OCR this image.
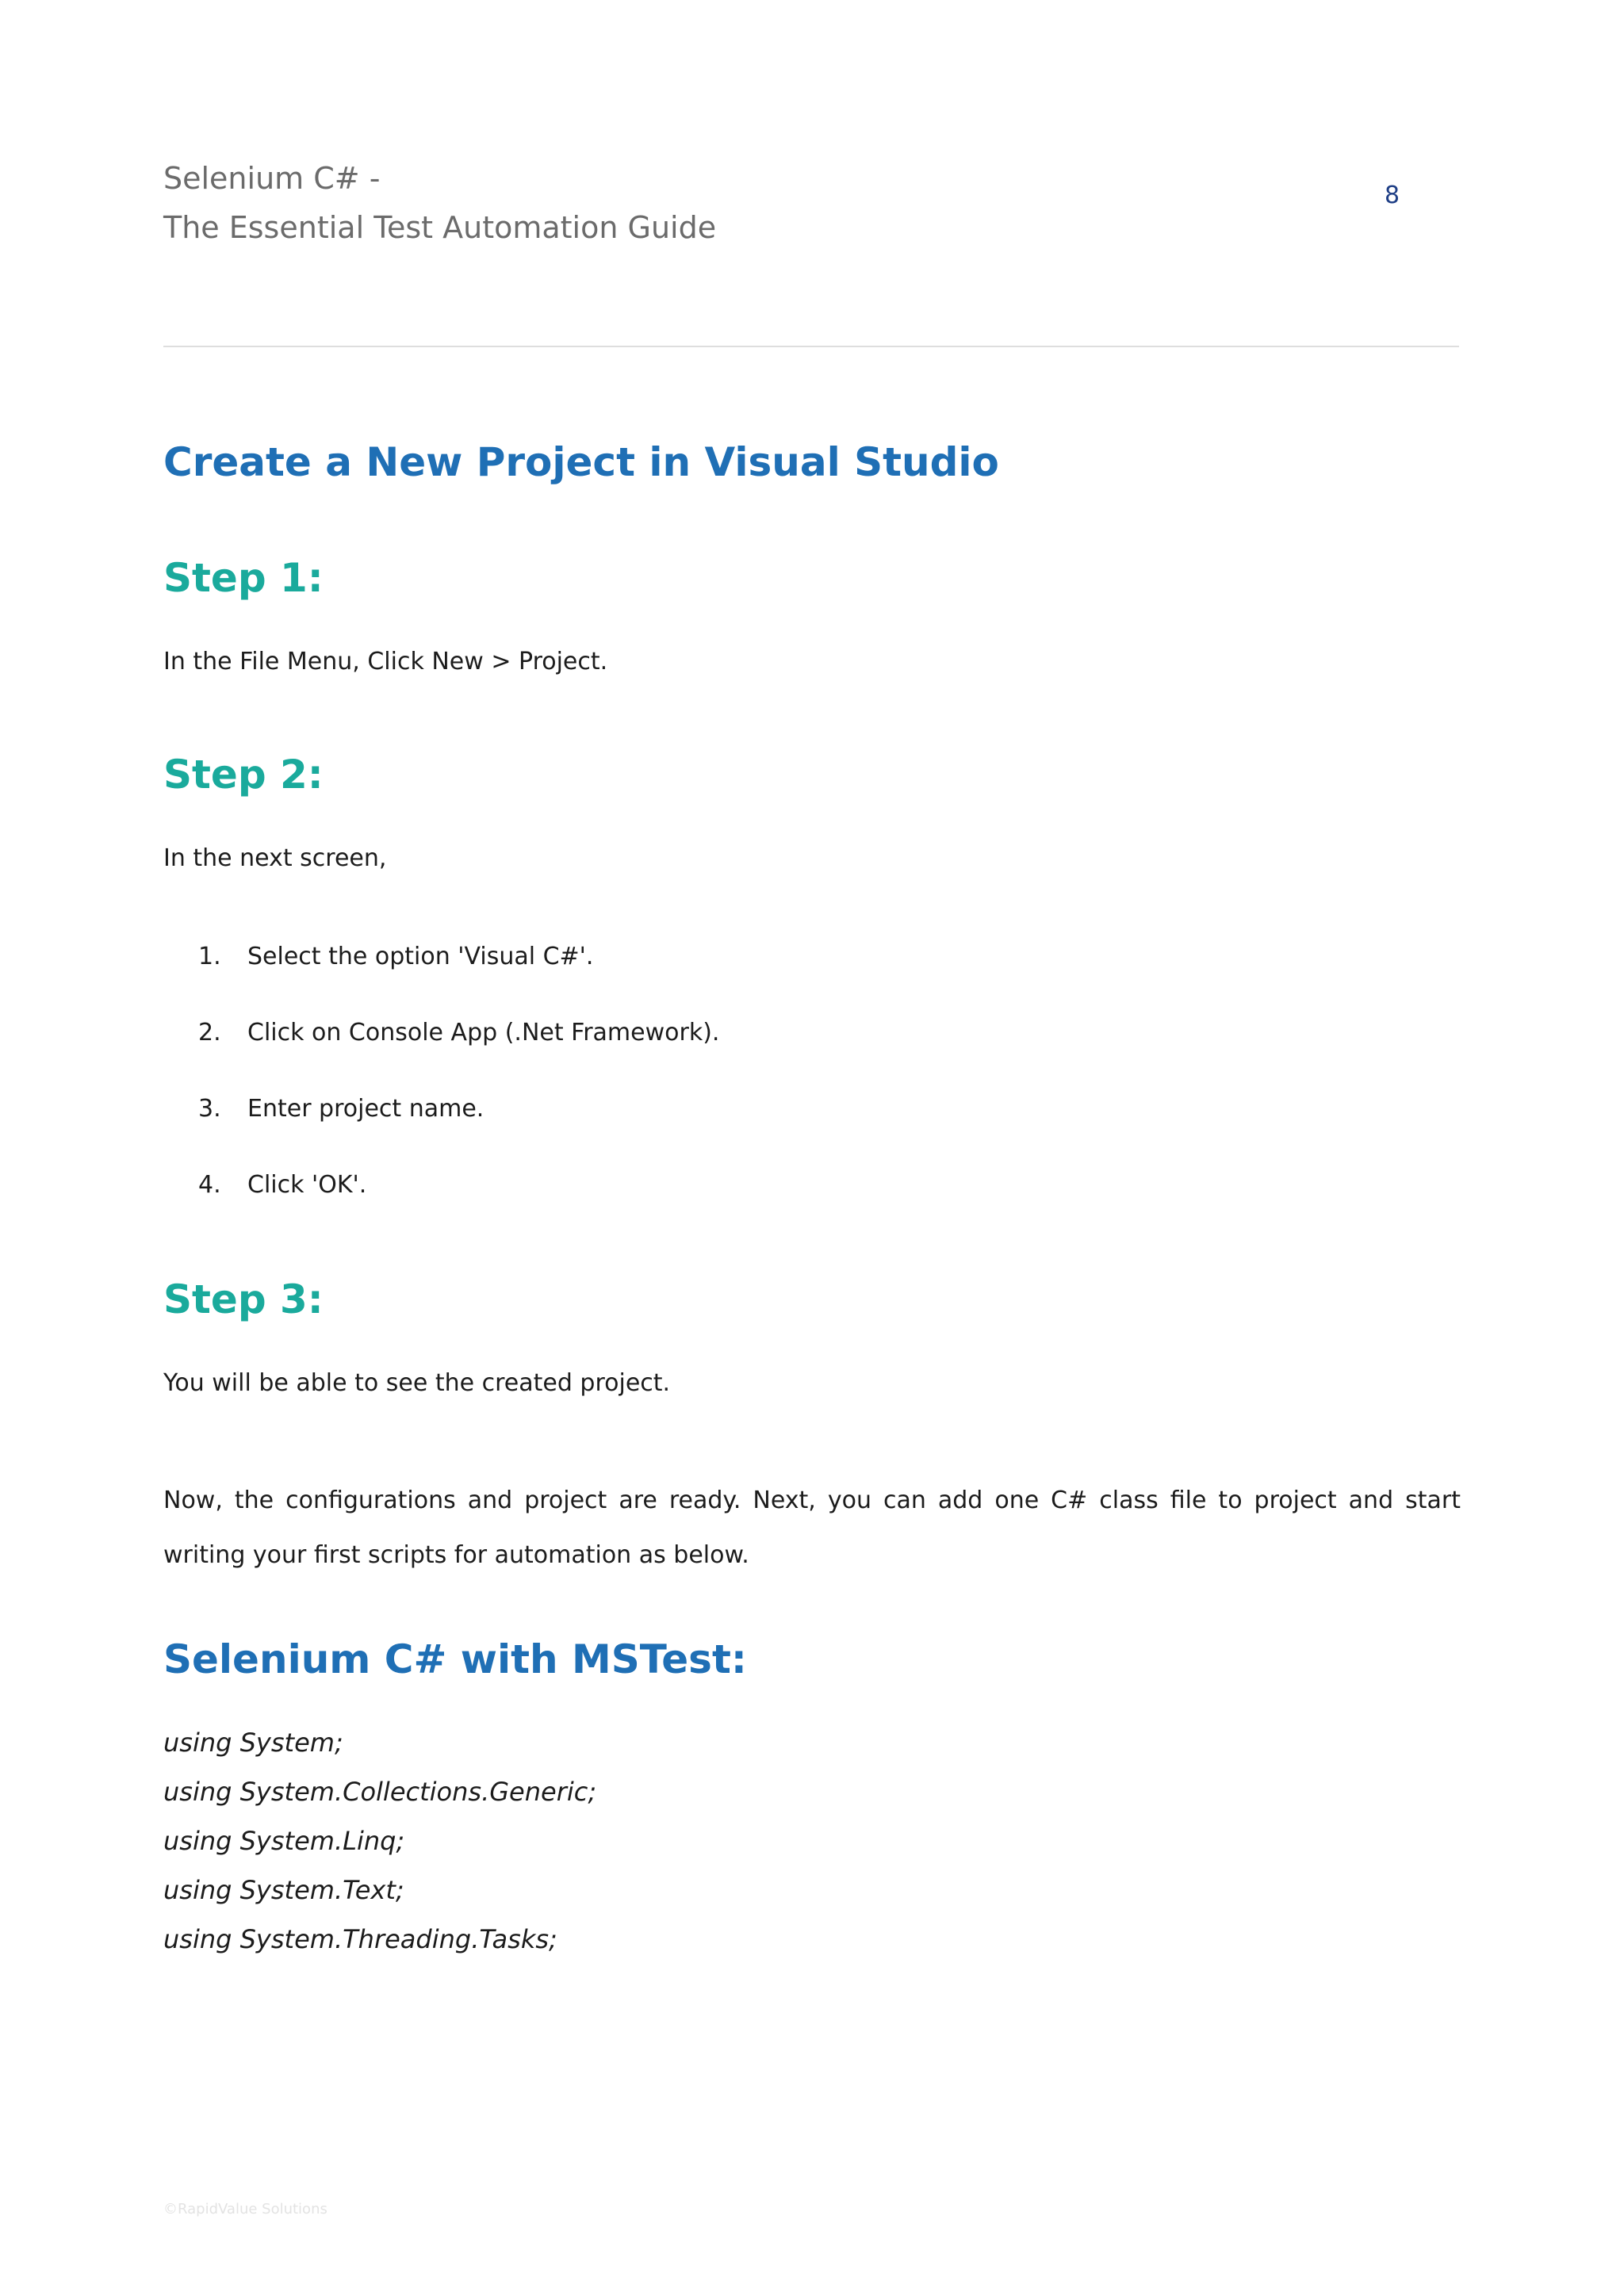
Selenium C# -
The Essential Test Automation Guide
8
Create a New Project in Visual Studio
Step 1:

In the File Menu, Click New > Project.

Step 2:

In the next screen,

1. Select the option 'Visual C#'.
2. Click on Console App (.Net Framework).
3. Enter project name.
4. Click 'OK'.
Step 3:

You will be able to see the created project.

Now, the configurations and project are ready. Next, you can add one C# class file to project and start writing your first scripts for automation as below.

Selenium C# with MSTest:
using System;
using System.Collections.Generic;
using System.Linq;
using System.Text;
using System.Threading.Tasks;
©RapidValue Solutions
